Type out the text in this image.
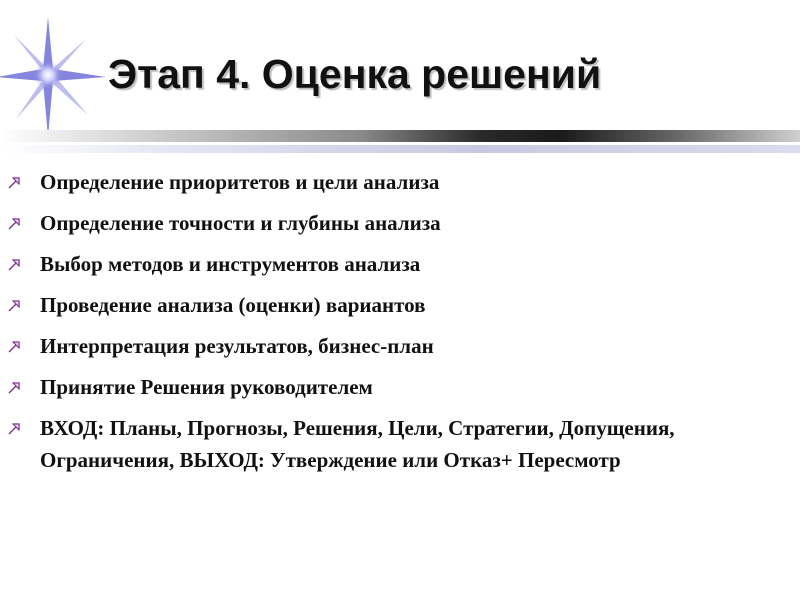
Этап 4. Оценка решений
Определение приоритетов и цели анализа
Определение точности и глубины анализа
Выбор методов и инструментов анализа
Проведение анализа (оценки) вариантов
Интерпретация результатов, бизнес-план
Принятие Решения руководителем
ВХОД: Планы, Прогнозы, Решения, Цели, Стратегии, Допущения, Ограничения, ВЫХОД: Утверждение или Отказ+ Пересмотр
